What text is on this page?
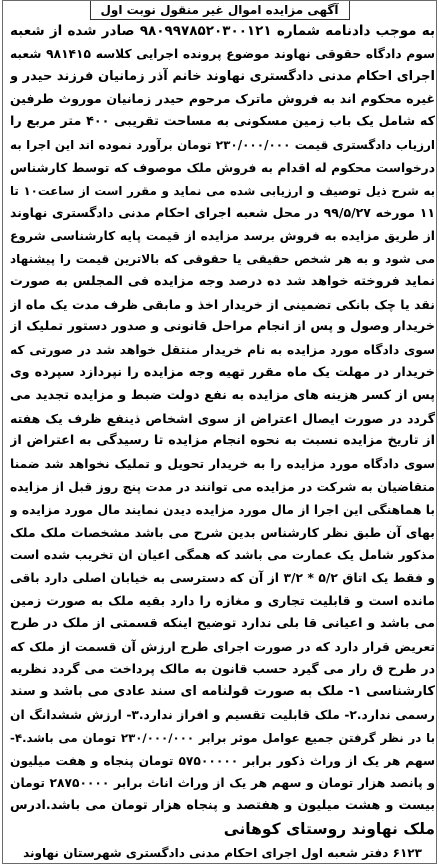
آگهی مزایده اموال غیر منقول نوبت اول
به موجب دادنامه شماره ۹۸۰۹۹۷۸۵۲۰۳۰۰۱۲۱ صادر شده از شعبه
سوم دادگاه حقوقی نهاوند موضوع پرونده اجرایی کلاسه ۹۸۱۴۱۵ شعبه
اجرای احکام مدنی دادگستری نهاوند خانم آذر زمانیان فرزند حیدر و
غیره محکوم اند به فروش ماترک مرحوم حیدر زمانیان موروث طرفین
که شامل یک باب زمین مسکونی به مساحت تقریبی ۴۰۰ متر مربع را
ارزیاب دادگستری قیمت ۲۳۰/۰۰۰/۰۰۰ تومان برآورد نموده اند این اجرا به
درخواست محکوم له اقدام به فروش ملک موصوف که توسط کارشناس
به شرح ذیل توصیف و ارزیابی شده می نماید و مقرر است از ساعت۱۰ تا
۱۱ مورخه ۹۹/۵/۲۷ در محل شعبه اجرای احکام مدنی دادگستری نهاوند
از طریق مزایده به فروش برسد مزایده از قیمت پایه کارشناسی شروع
می شود و به هر شخص حقیقی یا حقوقی که بالاترین قیمت را پیشنهاد
نماید فروخته خواهد شد ده درصد وجه مزایده فی المجلس به صورت
نقد یا چک بانکی تضمینی از خریدار اخذ و مابقی ظرف مدت یک ماه از
خریدار وصول و پس از انجام مراحل قانونی و صدور دستور تملیک از
سوی دادگاه مورد مزایده به نام خریدار منتقل خواهد شد در صورتی که
خریدار در مهلت یک ماه مقرر تهیه وجه مزایده را نپردازد سپرده وی
پس از کسر هزینه های مزایده به نفع دولت ضبط و مزایده تجدید می
گردد در صورت ایصال اعتراض از سوی اشخاص ذینفع ظرف یک هفته
از تاریخ مزایده نسبت به نحوه انجام مزایده تا رسیدگی به اعتراض از
سوی دادگاه مورد مزایده را به خریدار تحویل و تملیک نخواهد شد ضمنا
متقاضیان به شرکت در مزایده می توانند در مدت پنج روز قبل از مزایده
با هماهنگی این اجرا از مال مورد مزایده دیدن نمایند مال مورد مزایده و
بهای آن طبق نظر کارشناس بدین شرح می باشد مشخصات ملک ملک
مذکور شامل یک عمارت می باشد که همگی اعیان ان تخریب شده است
و فقط یک اتاق ۵/۲ * ۳/۲ از آن که دسترسی به خیابان اصلی دارد باقی
مانده است و قابلیت تجاری و مغازه را دارد بقیه ملک به صورت زمین
می باشد و اعیانی قا بلی ندارد توضیح اینکه قسمتی از ملک در طرح
تعریض قرار دارد که در صورت اجرای طرح ارزش آن قسمت از ملک که
در طرح ق رار می گیرد حسب قانون به مالک پرداخت می گردد نظریه
کارشناسی ۱- ملک به صورت قولنامه ای سند عادی می باشد و سند
رسمی ندارد.۲- ملک قابلیت تقسیم و افراز ندارد.۳- ارزش ششدانگ ان
با در نظر گرفتن جمیع عوامل موثر برابر ۲۳۰/۰۰۰/۰۰۰ تومان می باشد.۴-
سهم هر یک از وراث ذکور برابر ۵۷۵۰۰۰۰۰ تومان پنجاه و هفت میلیون
و پانصد هزار تومان و سهم هر یک از وراث اناث برابر ۲۸۷۵۰۰۰۰ تومان
بیست و هشت میلیون و هفتصد و پنجاه هزار تومان می باشد.ادرس
ملک نهاوند روستای کوهانی
۶۱۲۳ دفتر شعبه اول اجرای احکام مدنی دادگستری شهرستان نهاوند
